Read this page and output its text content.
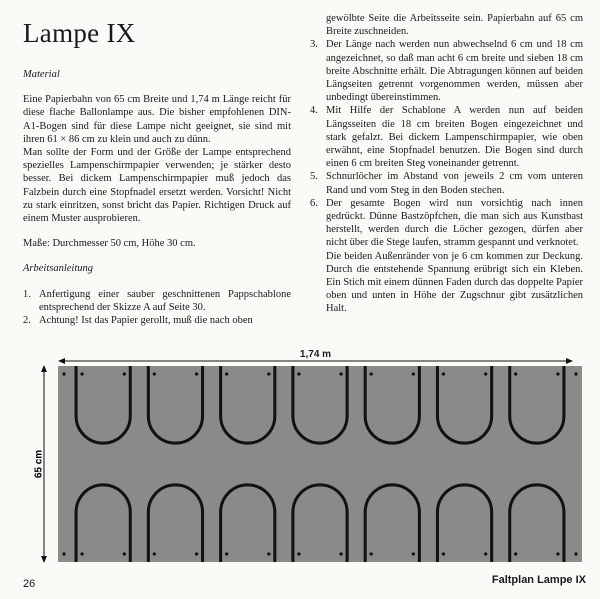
Lampe IX

Material

Eine Papierbahn von 65 cm Breite und 1,74 m Länge reicht für diese flache Ballonlampe aus. Die bisher empfohlenen DIN-A1-Bogen sind für diese Lampe nicht geeignet, sie sind mit ihren 61 × 86 cm zu klein und auch zu dünn.

Man sollte der Form und der Größe der Lampe entsprechend spezielles Lampenschirmpapier verwenden; je stärker desto besser. Bei dickem Lampenschirmpapier muß jedoch das Falzbein durch eine Stopfnadel ersetzt werden. Vorsicht! Nicht zu stark einritzen, sonst bricht das Papier. Richtigen Druck auf einem Muster ausprobieren.

Maße: Durchmesser 50 cm, Höhe 30 cm.

Arbeitsanleitung

1. Anfertigung einer sauber geschnittenen Pappschablone entsprechend der Skizze A auf Seite 30.
2. Achtung! Ist das Papier gerollt, muß die nach oben

gewölbte Seite die Arbeitsseite sein. Papierbahn auf 65 cm Breite zuschneiden.

3. Der Länge nach werden nun abwechselnd 6 cm und 18 cm angezeichnet, so daß man acht 6 cm breite und sieben 18 cm breite Abschnitte erhält. Die Abtragungen können auf beiden Längseiten getrennt vorgenommen werden, müssen aber unbedingt übereinstimmen.
4. Mit Hilfe der Schablone A werden nun auf beiden Längsseiten die 18 cm breiten Bogen eingezeichnet und stark gefalzt. Bei dickem Lampenschirmpapier, wie oben erwähnt, eine Stopfnadel benutzen. Die Bogen sind durch einen 6 cm breiten Steg voneinander getrennt.
5. Schnurlöcher im Abstand von jeweils 2 cm vom unteren Rand und vom Steg in den Boden stechen.
6. Der gesamte Bogen wird nun vorsichtig nach innen gedrückt. Dünne Bastzöpfchen, die man sich aus Kunstbast herstellt, werden durch die Löcher gezogen, dürfen aber nicht über die Stege laufen, stramm gespannt und verknotet.

Die beiden Außenränder von je 6 cm kommen zur Deckung. Durch die entstehende Spannung erübrigt sich ein Kleben. Ein Stich mit einem dünnen Faden durch das doppelte Papier oben und unten in Höhe der Zugschnur gibt zusätzlichen Halt.

1,74 m
65 cm
26	Faltplan Lampe IX
